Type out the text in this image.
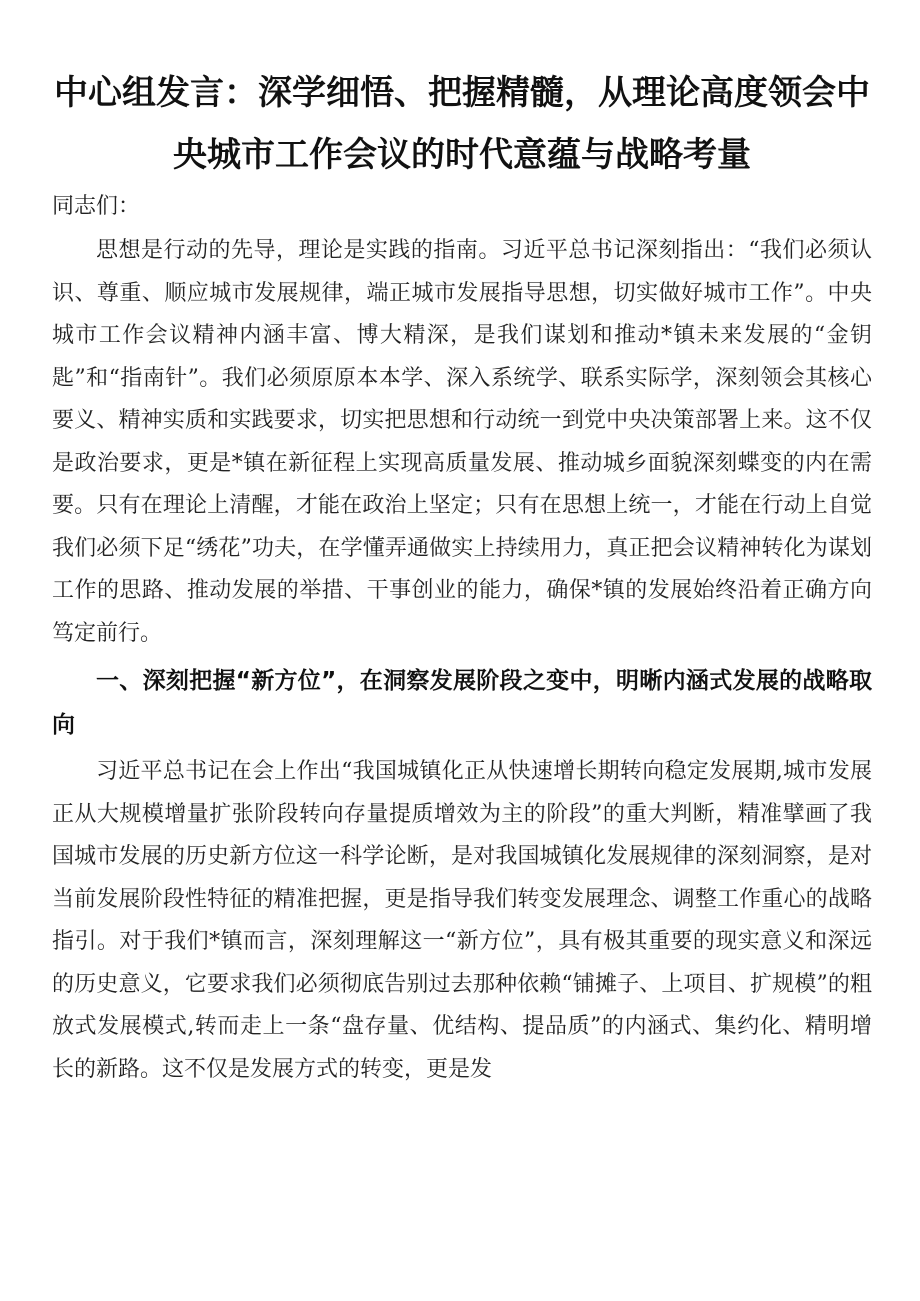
中心组发言：深学细悟、把握精髓，从理论高度领会中央城市工作会议的时代意蕴与战略考量

同志们：

思想是行动的先导，理论是实践的指南。习近平总书记深刻指出：“我们必须认识、尊重、顺应城市发展规律，端正城市发展指导思想，切实做好城市工作”。中央城市工作会议精神内涵丰富、博大精深，是我们谋划和推动*镇未来发展的“金钥匙”和“指南针”。我们必须原原本本学、深入系统学、联系实际学，深刻领会其核心要义、精神实质和实践要求，切实把思想和行动统一到党中央决策部署上来。这不仅是政治要求，更是*镇在新征程上实现高质量发展、推动城乡面貌深刻蝶变的内在需要。只有在理论上清醒，才能在政治上坚定；只有在思想上统一，才能在行动上自觉我们必须下足“绣花”功夫，在学懂弄通做实上持续用力，真正把会议精神转化为谋划工作的思路、推动发展的举措、干事创业的能力，确保*镇的发展始终沿着正确方向笃定前行。

一、深刻把握“新方位”，在洞察发展阶段之变中，明晰内涵式发展的战略取向

习近平总书记在会上作出“我国城镇化正从快速增长期转向稳定发展期,城市发展正从大规模增量扩张阶段转向存量提质增效为主的阶段”的重大判断，精准擘画了我国城市发展的历史新方位这一科学论断，是对我国城镇化发展规律的深刻洞察，是对当前发展阶段性特征的精准把握，更是指导我们转变发展理念、调整工作重心的战略指引。对于我们*镇而言，深刻理解这一“新方位”，具有极其重要的现实意义和深远的历史意义，它要求我们必须彻底告别过去那种依赖“铺摊子、上项目、扩规模”的粗放式发展模式,转而走上一条“盘存量、优结构、提品质”的内涵式、集约化、精明增长的新路。这不仅是发展方式的转变，更是发
